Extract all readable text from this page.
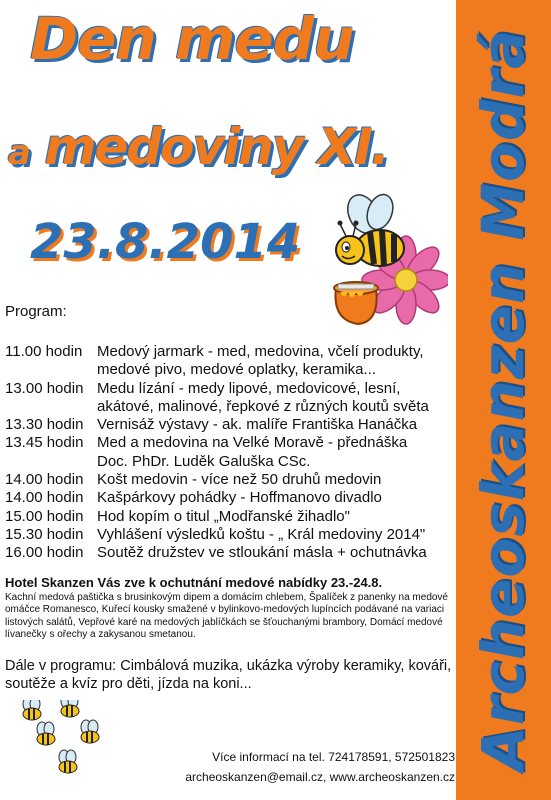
Archeoskanzen Modrá
Den medu
a medoviny XI.
23.8.2014
Program:
11.00 hodin Medový jarmark - med, medovina, včelí produkty,
medové pivo, medové oplatky, keramika...
13.00 hodin Medu lízání - medy lipové, medovicové, lesní,
akátové, malinové, řepkové z různých koutů světa
13.30 hodin Vernisáž výstavy - ak. malíře Františka Hanáčka
13.45 hodin Med a medovina na Velké Moravě - přednáška
Doc. PhDr. Luděk Galuška CSc.
14.00 hodin Košt medovin - více než 50 druhů medovin
14.00 hodin Kašpárkovy pohádky - Hoffmanovo divadlo
15.00 hodin Hod kopím o titul „Modřanské žihadlo"
15.30 hodin Vyhlášení výsledků koštu - „ Král medoviny 2014"
16.00 hodin Soutěž družstev ve stloukání másla + ochutnávka
Hotel Skanzen Vás zve k ochutnání medové nabídky 23.-24.8.
Kachní medová paštička s brusinkovým dipem a domácím chlebem, Špalíček z panenky na medové omáčce Romanesco, Kuřecí kousky smažené v bylinkovo-medových lupíncích podávané na variaci listových salátů, Vepřové karé na medových jablíčkách se šťouchanými brambory, Domácí medové lívanečky s ořechy a zakysanou smetanou.
Dále v programu: Cimbálová muzika, ukázka výroby keramiky, kováři, soutěže a kvíz pro děti, jízda na koni...
Více informací na tel. 724178591, 572501823
archeoskanzen@email.cz, www.archeoskanzen.cz
